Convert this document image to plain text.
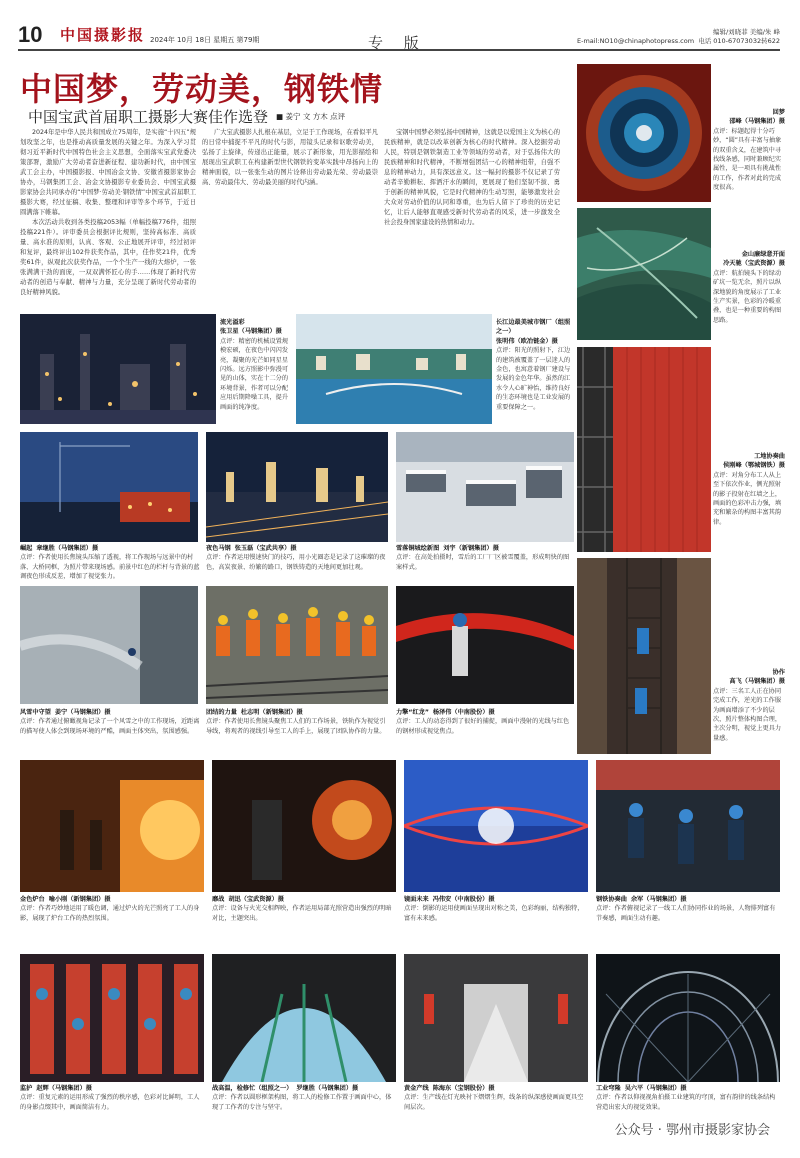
10 中国摄影报 2024年 10月 18日 星期五 第79期	专 版
编辑/刘晓菲 美编/朱 峰
E-mail:NO10@chinaphotopress.com 电话 010-67073032转622
中国梦，劳动美，钢铁情
中国宝武首届职工摄影大赛佳作选登 ■ 姜宁 文 方木 点评

2024年是中华人民共和国成立75周年，是实施“十四五”规划攻坚之年，也是推动高质量发展的关键之年。为深入学习贯彻习近平新时代中国特色社会主义思想，全面落实宝武党委决策部署，激励广大劳动者奋进新征程、建功新时代，由中国宝武工会主办，中国摄影报、中国冶金文协、安徽省摄影家协会协办，马钢集团工会、冶金文协摄影专业委员会、中国宝武摄影家协会共同承办的“中国梦·劳动美·钢铁情”中国宝武首届职工摄影大赛，经过征稿、收集、整理和评审等多个环节，于近日圆满落下帷幕。

本次活动共收到各类投稿2053幅（单幅投稿776件，组照投稿221件）。评审委员会根据评比规则，坚持高标准、高质量、高水准的原则，认真、客观、公正地展开评审，经过初评和复评，最终评出102件获奖作品，其中，佳作奖21件，优秀奖61件，纵观此次获奖作品，一个个生产一线的大熔炉，一张张满满干劲的面庞，一双双满怀匠心的手……体现了新时代劳动者的创造与奉献、精神与力量，充分呈现了新时代劳动者的良好精神风貌。

广大宝武摄影人扎根在基层，立足于工作现场，在看似平凡的日常中捕捉不平凡的时代与影，用镜头记录和讴歌劳动美，弘扬了主旋律，传递出正能量，展示了新形象，用光影描绘和展现出宝武职工在构建新型世代钢铁的变革实践中昂扬向上的精神面貌，以一张张生动的图片诠释出劳动最光荣、劳动最崇高、劳动最伟大、劳动最美丽的时代内涵。

宝钢中国梦必须弘扬中国精神，这就是以爱国主义为核心的民族精神，就是以改革创新为核心的时代精神。深入挖掘劳动人民，特别是钢铁制造工业等领域的劳动者，对于弘扬伟大的民族精神和时代精神，不断增强团结一心的精神纽带，自强不息的精神动力，具有深远意义。这一幅封的摄影不仅记录了劳动者辛勤耕耘、挥洒汗水的瞬间，更展现了他们坚韧不拔、勇于创新的精神风貌，它是时代精神的生动写照，能够激发社会大众对劳动价值的认同和尊重，也为后人留下了珍贵的历史记忆，让后人能够直观感受新时代劳动者的风采，进一步激发全社会投身国家建设的热情和动力。

回梦
邵峰（马钢集团）摄
点评：标题起得十分巧妙，“圆”具有丰富与抽象的双重含义，在建筑中寻找线条感，同时兼顾纪实属性，是一项具有挑战性的工作，作者对此的完成度很高。
金山廉绿意开面
冷天驰（宝武资源）摄
点评：航拍镜头下的绿动矿坑一览无余，照片以纵深地貌的角度展示了工业生产实景，色彩的冷暖重叠，也是一种重要的构图思路。
工地协奏曲
侯刚峰（鄂城钢铁）摄
点评：对角分布工人从上至下依次作业，侧光照射的影子投射在红墙之上，画面的色彩冲击力强，填充和繁杂的构图丰富其韵律。
流光溢彩
张卫星（马钢集团）摄
点评：精密的机械设置规模宏硕，在夜色中闪闪发亮，凝聚的光芒如同星星闪烁。远方照影中弥漫可见的山体，实在十二分的环境背景，作者可以分配应用后期降噪工具，提升画面的纯净度。
长江边最美城市钢厂（组照之一）
张明伟（欧冶链金）摄
点评：阳光的照射下，江边的建筑被覆盖了一层迷人的金色，也寓意着钢厂建设与发展的金色年华。虽然的江水令人心旷神怡，维持良好的生态环境也是工业发展的重要保障之一。
崛起 章继胜（马钢集团）摄
点评：作者使用长焦镜头压缩了透视，将工作现场与远景中的村落、大桥同框，为照片带来现场感。前景中红色的栏杆与背景的蓝调夜色形成反差，增加了视觉张力。
夜色马钢 张玉磊（宝武共享）摄
点评：作者运用慢速快门的技巧，用小光圈态是记录了这璀璨的夜色，高炭夜景、纷繁的路口，钢铁铸造的天地间更加壮观。
雪落铜城绘新图 刘宇（新钢集团）摄
点评：在高处拍摄时，雪后的工厂厂区被雪覆盖，形成明快的图案样式。
风雪中守望 姜宁（马钢集团）摄
点评：作者通过俯瞰视角记录了一个风雪之中的工作现场，近距离的描写使人体会到现场环境的严酷，画面主体突出，氛围感强。
团结的力量 杜志明（新钢集团）摄
点评：作者使用长焦镜头聚焦工人们的工作场景，铁轨作为视觉引导线，将观者的视线引导至工人的手上，展现了团队协作的力量。
力擎“红龙” 杨泽伟（中南股份）摄
点评：工人的动态得到了很好的捕捉，画面中漫射的光线与红色的钢材形成视觉焦点。
协作
高飞（马钢集团）摄
点评：三名工人正在协同完成工作，逆光的工作服为画面增添了不少的层次，照片整体构图合理，主次分明，视觉上更具力量感。
金色炉台 喻小刚（新钢集团）摄
点评：作者巧妙地运用了暖色调，通过炉火的光芒照亮了工人的身影，展现了炉台工作的热烈氛围。
靡战 胡迅（宝武资源）摄
点评：设备与火光交相辉映，作者运用局部光照营造出强烈的明暗对比，主题突出。
镜面未来 冯伟安（中南股份）摄
点评：倒影的运用使画面呈现出对称之美，色彩绚丽，结构独特，富有未来感。
钢铁协奏曲 余军（马钢集团）摄
点评：作者俯视记录了一线工人们协同作业的场景，人物排列富有节奏感，画面生动有趣。
监护 赵辉（马钢集团）摄
点评：重复元素的运用形成了强烈的秩序感，色彩对比鲜明，工人的身影点缀其中，画面简洁有力。
战高温，检修忙（组照之一） 罗继胜（马钢集团）摄
点评：作者以圆形框架构图，将工人的检修工作置于画面中心，体现了工作者的专注与坚守。
黄金产线 陈海东（宝钢股份）摄
点评：生产线在灯光映衬下熠熠生辉，线条的纵深感使画面更具空间层次。
工业穹隆 吴六平（马钢集团）摄
点评：作者以仰视视角拍摄工业建筑的穹顶，富有韵律的线条结构营造出宏大的视觉效果。
公众号 · 鄂州市摄影家协会
